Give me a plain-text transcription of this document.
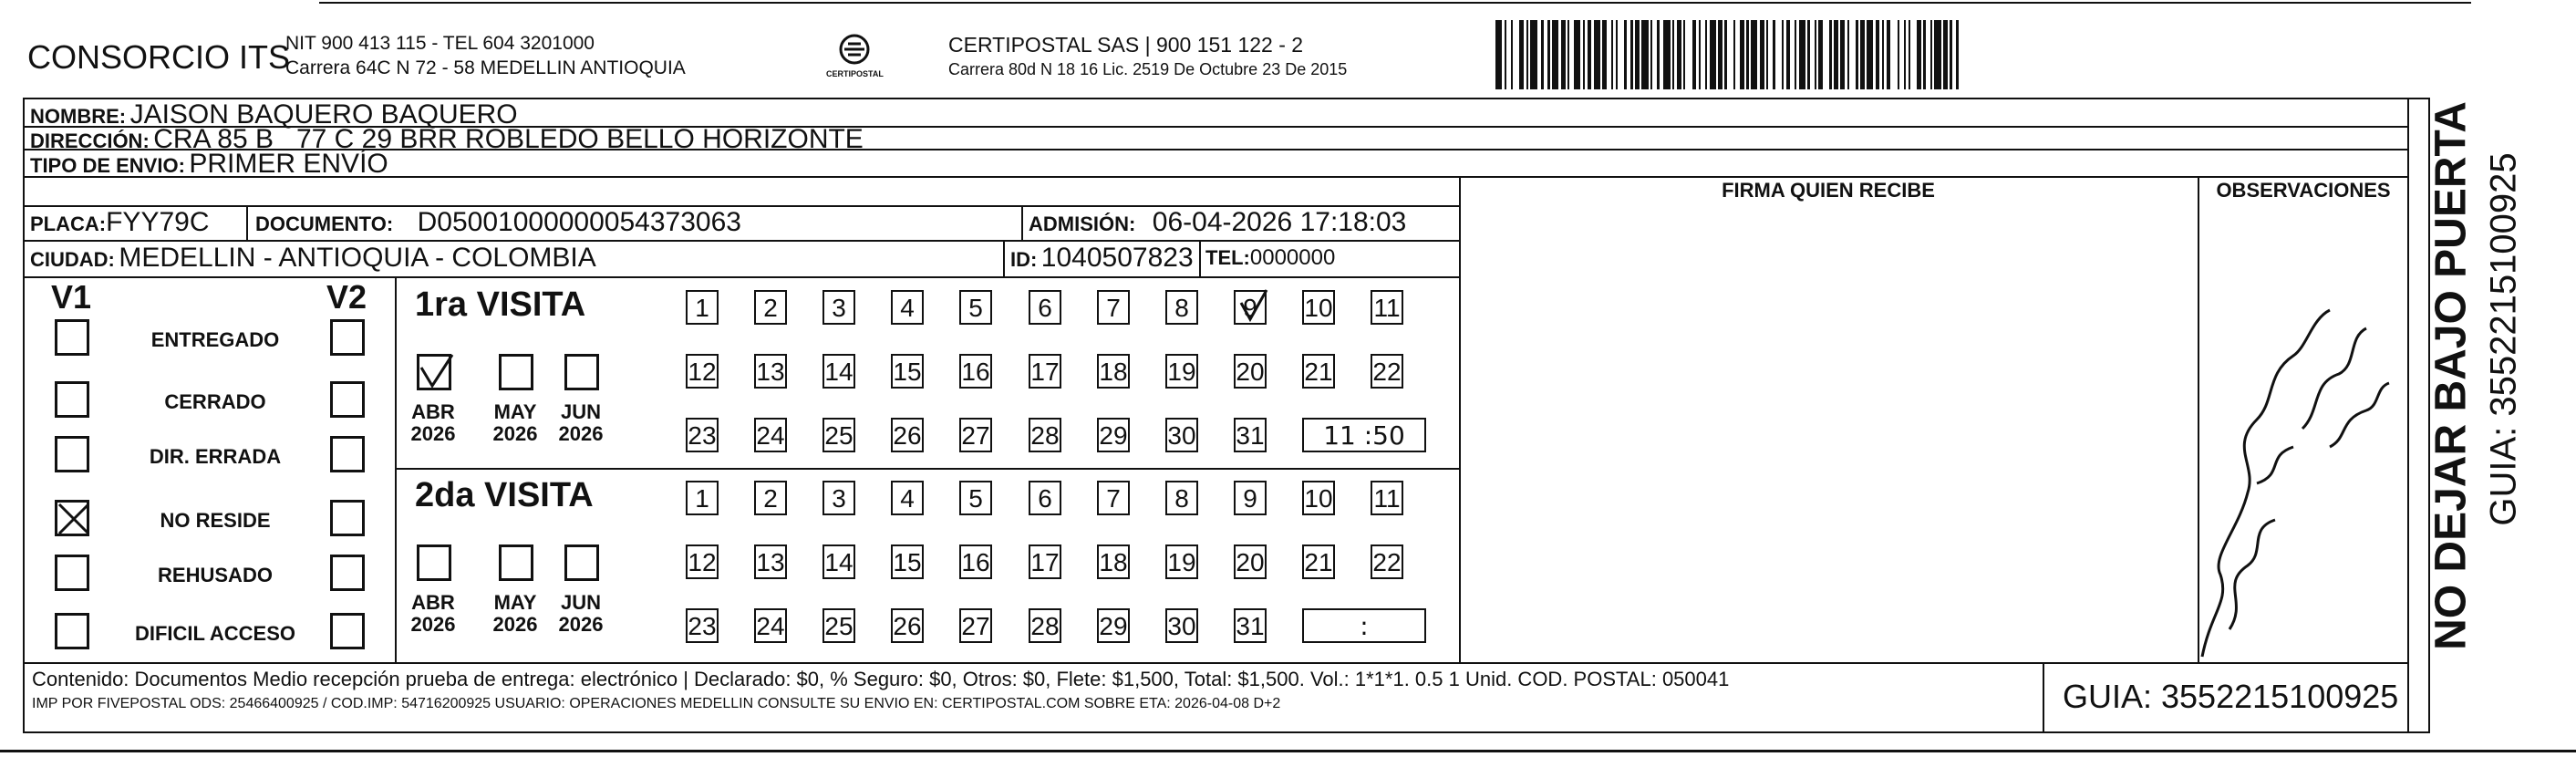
CONSORCIO ITS
NIT 900 413 115 - TEL 604 3201000
Carrera 64C N 72 - 58 MEDELLIN ANTIOQUIA	CERTIPOSTAL
CERTIPOSTAL SAS | 900 151 122 - 2
Carrera 80d N 18 16 Lic. 2519 De Octubre 23 De 2015
NOMBRE: JAISON BAQUERO BAQUERO
DIRECCIÓN: CRA 85 B   77 C 29 BRR ROBLEDO BELLO HORIZONTE
TIPO DE ENVIO: PRIMER ENVÍO
FIRMA QUIEN RECIBE	OBSERVACIONES
PLACA:FYY79C DOCUMENTO: D05001000000054373063	ADMISIÓN: 06-04-2026 17:18:03
CIUDAD: MEDELLIN - ANTIOQUIA - COLOMBIA	ID: 1040507823 TEL:0000000
V1	V2
ENTREGADO
CERRADO
DIR. ERRADA
NO RESIDE
REHUSADO
DIFICIL ACCESO
1ra VISITA
2da VISITA
ABR
2026
MAY
2026
JUN
2026
1	2	3	4	5	6	7	8	9	10 11
12 13 14 15 16 17 18 19 20 21 22
23 24 25 26 27 28 29 30 31	11 :50
ABR
2026
MAY
2026
JUN
2026
1	2	3	4	5	6	7	8	9	10 11
12 13 14 15 16 17 18 19 20 21 22
23 24 25 26 27 28 29 30 31	:	NO DEJAR BAJO PUERTA GUIA: 3552215100925
Contenido: Documentos Medio recepción prueba de entrega: electrónico | Declarado: $0, % Seguro: $0, Otros: $0, Flete: $1,500, Total: $1,500. Vol.: 1*1*1. 0.5 1 Unid. COD. POSTAL: 050041
IMP POR FIVEPOSTAL ODS: 25466400925 / COD.IMP: 54716200925 USUARIO: OPERACIONES MEDELLIN CONSULTE SU ENVIO EN: CERTIPOSTAL.COM SOBRE ETA: 2026-04-08 D+2	GUIA: 3552215100925
